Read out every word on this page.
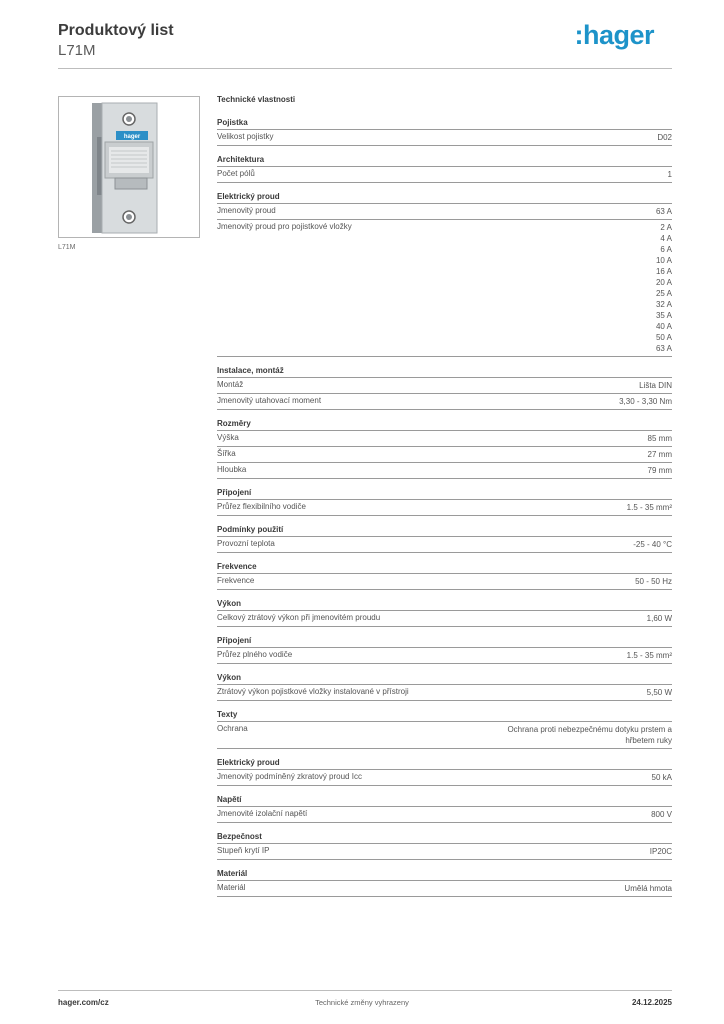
Produktový list
L71M
:hager
hager
L71M
Technické vlastnosti
Pojistka
Velikost pojistky	D02
Architektura
Počet pólů	1
Elektrický proud
Jmenovitý proud	63 A
Jmenovitý proud pro pojistkové vložky	2 A
4 A
6 A
10 A
16 A
20 A
25 A
32 A
35 A
40 A
50 A
63 A
Instalace, montáž
Montáž	Lišta DIN
Jmenovitý utahovací moment	3,30 - 3,30 Nm
Rozměry
Výška	85 mm
Šířka	27 mm
Hloubka	79 mm
Připojení
Průřez flexibilního vodiče	1.5 - 35 mm²
Podmínky použití
Provozní teplota	-25 - 40 °C
Frekvence
Frekvence	50 - 50 Hz
Výkon
Celkový ztrátový výkon při jmenovitém proudu	1,60 W
Připojení
Průřez plného vodiče	1.5 - 35 mm²
Výkon
Ztrátový výkon pojistkové vložky instalované v přístroji	5,50 W
Texty
Ochrana	Ochrana proti nebezpečnému dotyku prstem a
hřbetem ruky
Elektrický proud
Jmenovitý podmíněný zkratový proud Icc	50 kA
Napětí
Jmenovité izolační napětí	800 V
Bezpečnost
Stupeň krytí IP	IP20C
Materiál
Materiál	Umělá hmota
hager.com/cz	Technické změny vyhrazeny	24.12.2025
